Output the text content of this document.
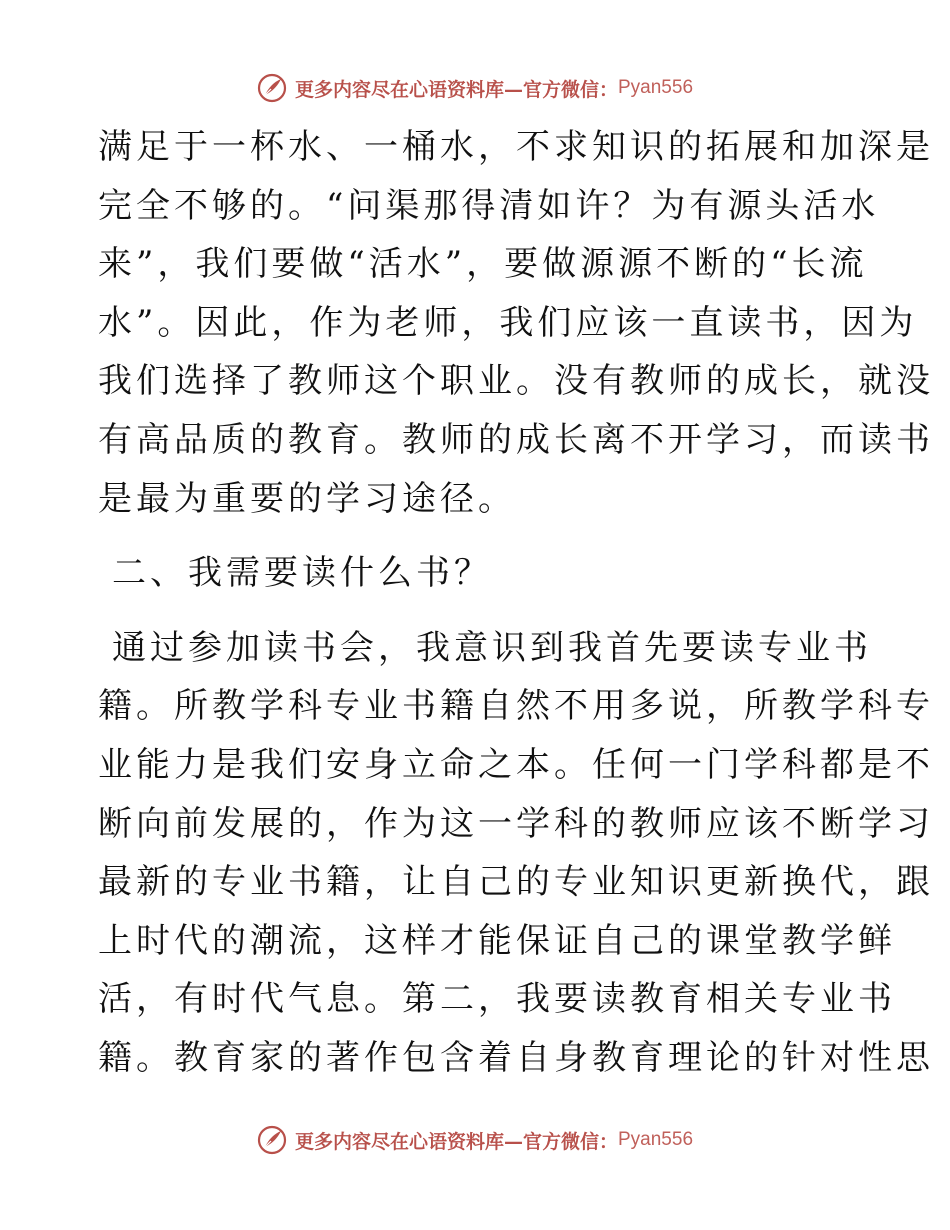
更多内容尽在心语资料库—官方微信： Pyan556
满足于一杯水、一桶水，不求知识的拓展和加深是
完全不够的。“问渠那得清如许？为有源头活水
来”，我们要做“活水”，要做源源不断的“长流
水”。因此，作为老师，我们应该一直读书，因为
我们选择了教师这个职业。没有教师的成长，就没
有高品质的教育。教师的成长离不开学习，而读书
是最为重要的学习途径。
二、我需要读什么书？
通过参加读书会，我意识到我首先要读专业书
籍。所教学科专业书籍自然不用多说，所教学科专
业能力是我们安身立命之本。任何一门学科都是不
断向前发展的，作为这一学科的教师应该不断学习
最新的专业书籍，让自己的专业知识更新换代，跟
上时代的潮流，这样才能保证自己的课堂教学鲜
活，有时代气息。第二，我要读教育相关专业书
籍。教育家的著作包含着自身教育理论的针对性思
更多内容尽在心语资料库—官方微信： Pyan556
